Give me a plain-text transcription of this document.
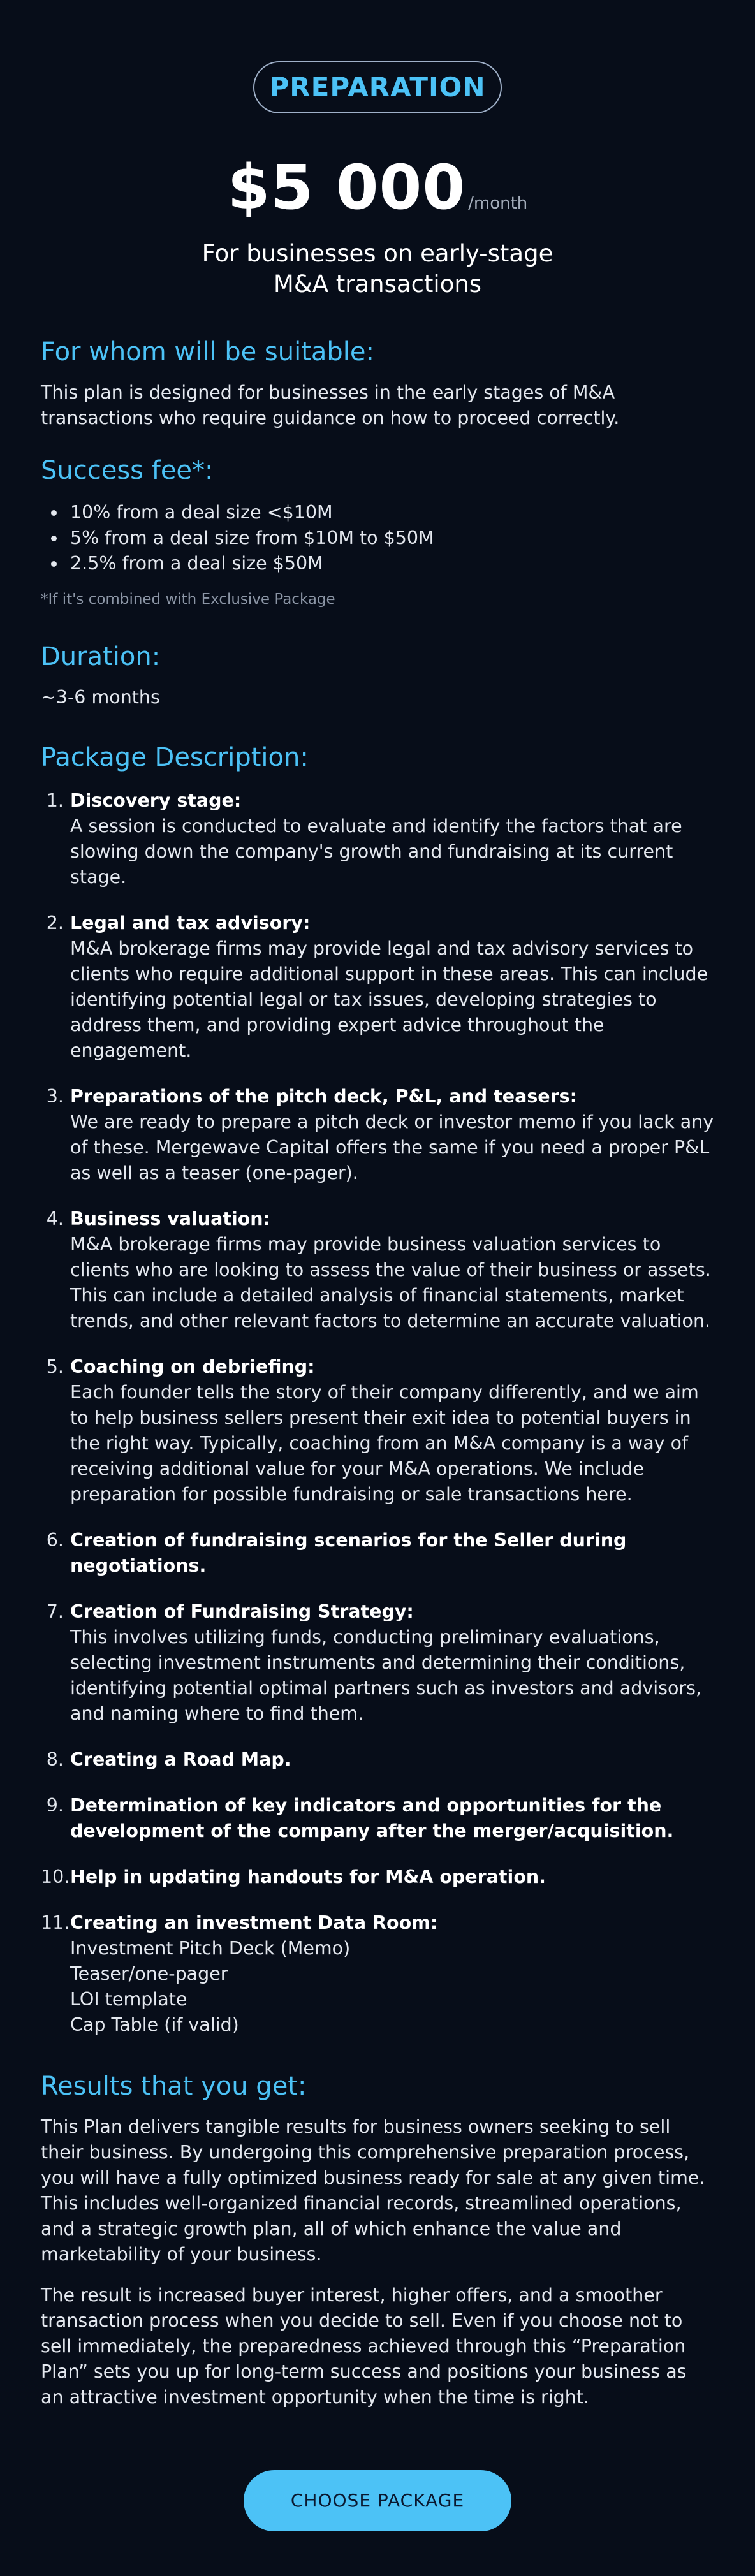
PREPARATION
$5 000 /month
For businesses on early-stage
M&A transactions
For whom will be suitable:

This plan is designed for businesses in the early stages of M&A transactions who require guidance on how to proceed correctly.

Success fee*:
10% from a deal size <$10M
5% from a deal size from $10M to $50M
2.5% from a deal size $50M
*If it's combined with Exclusive Package
Duration:

~3-6 months

Package Description:
1. Discovery stage:
A session is conducted to evaluate and identify the factors that are slowing down the company's growth and fundraising at its current stage.
2. Legal and tax advisory:
M&A brokerage firms may provide legal and tax advisory services to clients who require additional support in these areas. This can include identifying potential legal or tax issues, developing strategies to address them, and providing expert advice throughout the engagement.
3. Preparations of the pitch deck, P&L, and teasers:
We are ready to prepare a pitch deck or investor memo if you lack any of these. Mergewave Capital offers the same if you need a proper P&L as well as a teaser (one-pager).
4. Business valuation:
M&A brokerage firms may provide business valuation services to clients who are looking to assess the value of their business or assets. This can include a detailed analysis of financial statements, market trends, and other relevant factors to determine an accurate valuation.
5. Coaching on debriefing:
Each founder tells the story of their company differently, and we aim to help business sellers present their exit idea to potential buyers in the right way. Typically, coaching from an M&A company is a way of receiving additional value for your M&A operations. We include preparation for possible fundraising or sale transactions here.
6. Creation of fundraising scenarios for the Seller during negotiations.
7. Creation of Fundraising Strategy:
This involves utilizing funds, conducting preliminary evaluations, selecting investment instruments and determining their conditions, identifying potential optimal partners such as investors and advisors, and naming where to find them.
8. Creating a Road Map.
9. Determination of key indicators and opportunities for the development of the company after the merger/acquisition.
10. Help in updating handouts for M&A operation.
11. Creating an investment Data Room:
Investment Pitch Deck (Memo)
Teaser/one-pager
LOI template
Cap Table (if valid)
Results that you get:

This Plan delivers tangible results for business owners seeking to sell their business. By undergoing this comprehensive preparation process, you will have a fully optimized business ready for sale at any given time. This includes well-organized financial records, streamlined operations, and a strategic growth plan, all of which enhance the value and marketability of your business.

The result is increased buyer interest, higher offers, and a smoother transaction process when you decide to sell. Even if you choose not to sell immediately, the preparedness achieved through this “Preparation Plan” sets you up for long-term success and positions your business as an attractive investment opportunity when the time is right.

CHOOSE PACKAGE
